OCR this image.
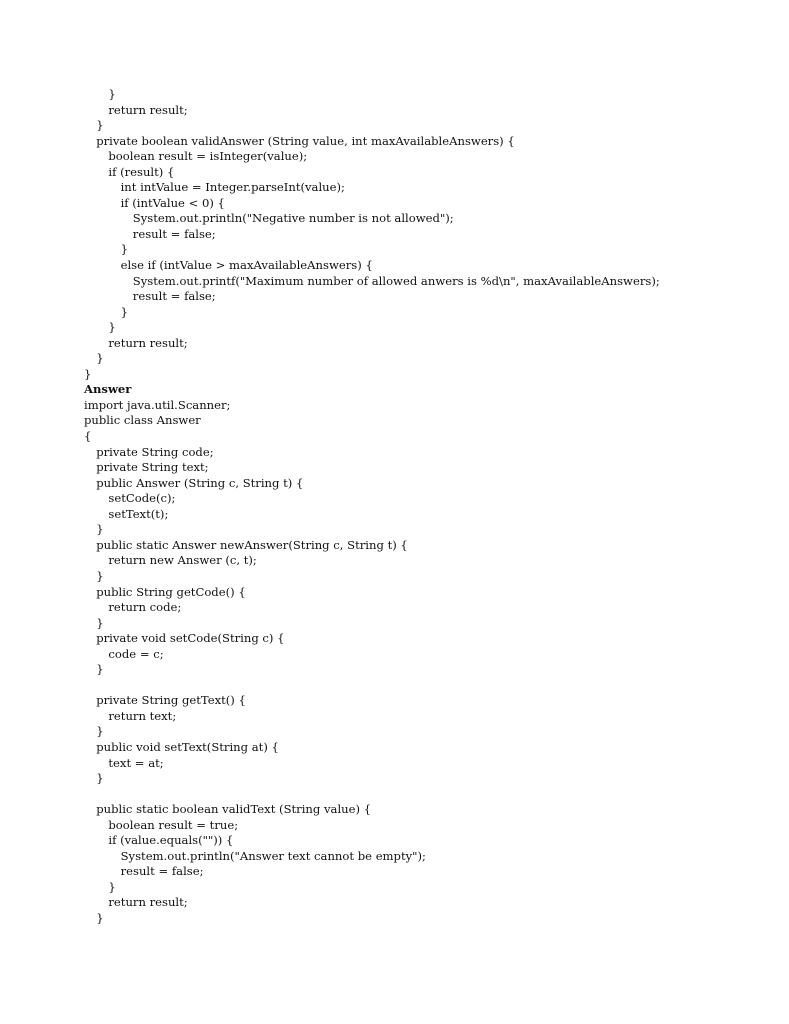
}
return result;
}
private boolean validAnswer (String value, int maxAvailableAnswers) {
boolean result = isInteger(value);
if (result) {
int intValue = Integer.parseInt(value);
if (intValue < 0) {
System.out.println("Negative number is not allowed");
result = false;
}
else if (intValue > maxAvailableAnswers) {
System.out.printf("Maximum number of allowed anwers is %d\n", maxAvailableAnswers);
result = false;
}
}
return result;
}
}
Answer
import java.util.Scanner;
public class Answer
{
private String code;
private String text;
public Answer (String c, String t) {
setCode(c);
setText(t);
}
public static Answer newAnswer(String c, String t) {
return new Answer (c, t);
}
public String getCode() {
return code;
}
private void setCode(String c) {
code = c;
}
private String getText() {
return text;
}
public void setText(String at) {
text = at;
}
public static boolean validText (String value) {
boolean result = true;
if (value.equals("")) {
System.out.println("Answer text cannot be empty");
result = false;
}
return result;
}
